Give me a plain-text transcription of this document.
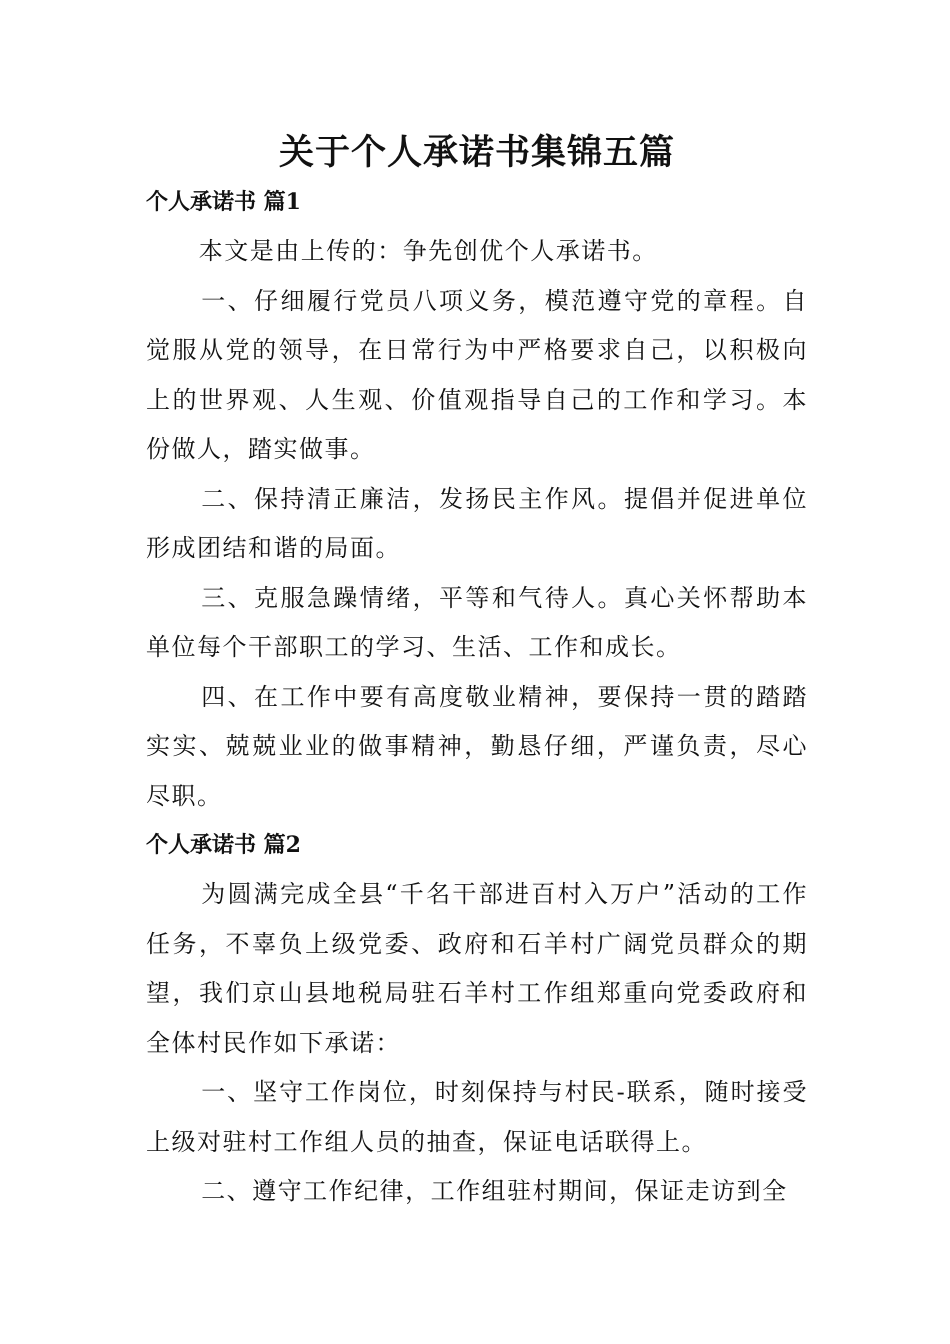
关于个人承诺书集锦五篇
个人承诺书 篇1

本文是由上传的：争先创优个人承诺书。

一、仔细履行党员八项义务，模范遵守党的章程。自觉服从党的领导，在日常行为中严格要求自己，以积极向上的世界观、人生观、价值观指导自己的工作和学习。本份做人，踏实做事。

二、保持清正廉洁，发扬民主作风。提倡并促进单位形成团结和谐的局面。

三、克服急躁情绪，平等和气待人。真心关怀帮助本单位每个干部职工的学习、生活、工作和成长。

四、在工作中要有高度敬业精神，要保持一贯的踏踏实实、兢兢业业的做事精神，勤恳仔细，严谨负责，尽心尽职。

个人承诺书 篇2

为圆满完成全县“千名干部进百村入万户”活动的工作任务，不辜负上级党委、政府和石羊村广阔党员群众的期望，我们京山县地税局驻石羊村工作组郑重向党委政府和全体村民作如下承诺：

一、坚守工作岗位，时刻保持与村民-联系，随时接受上级对驻村工作组人员的抽查，保证电话联得上。

二、遵守工作纪律，工作组驻村期间，保证走访到全
